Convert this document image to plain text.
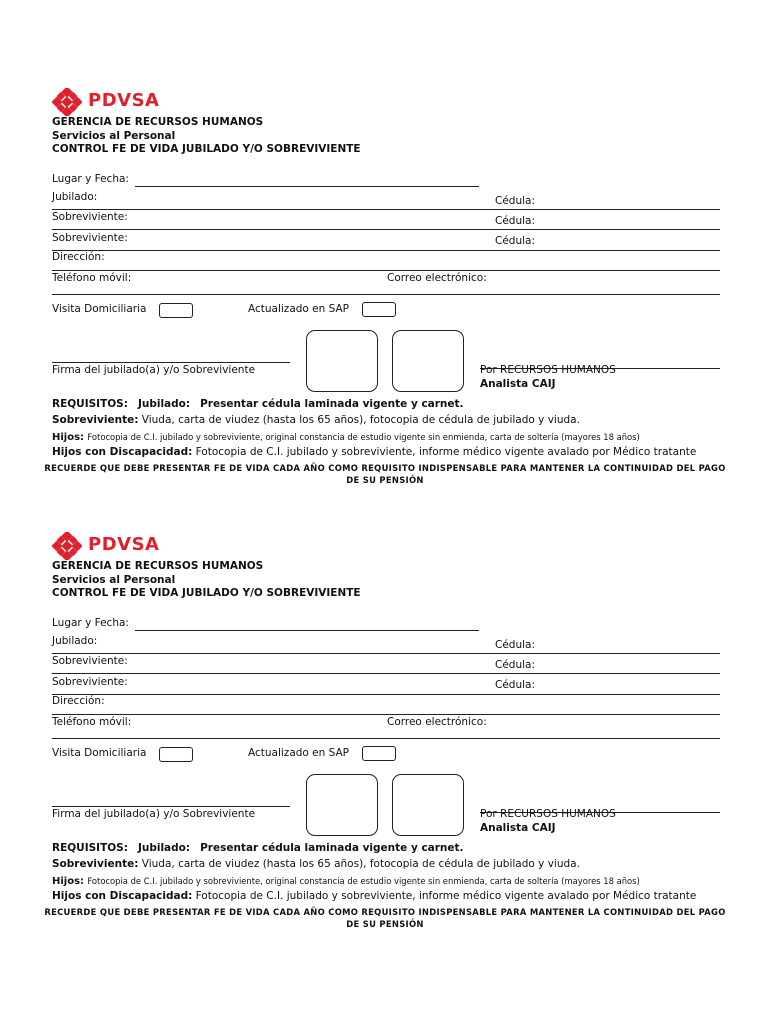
PDVSA
GERENCIA DE RECURSOS HUMANOS
Servicios al Personal
CONTROL FE DE VIDA JUBILADO Y/O SOBREVIVIENTE
Lugar y Fecha:
Jubilado:	Cédula:
Sobreviviente:	Cédula:
Sobreviviente:	Cédula:
Dirección:
Teléfono móvil:	Correo electrónico:
Visita Domiciliaria	Actualizado en SAP
Firma del jubilado(a) y/o Sobreviviente	Por RECURSOS HUMANOS
Analista CAIJ
REQUISITOS: Jubilado: Presentar cédula laminada vigente y carnet.
Sobreviviente: Viuda, carta de viudez (hasta los 65 años), fotocopia de cédula de jubilado y viuda.
Hijos: Fotocopia de C.I. jubilado y sobreviviente, original constancia de estudio vigente sin enmienda, carta de soltería (mayores 18 años)
Hijos con Discapacidad: Fotocopia de C.I. jubilado y sobreviviente, informe médico vigente avalado por Médico tratante
RECUERDE QUE DEBE PRESENTAR FE DE VIDA CADA AÑO COMO REQUISITO INDISPENSABLE PARA MANTENER LA CONTINUIDAD DEL PAGO DE SU PENSIÓN
PDVSA
GERENCIA DE RECURSOS HUMANOS
Servicios al Personal
CONTROL FE DE VIDA JUBILADO Y/O SOBREVIVIENTE
Lugar y Fecha:
Jubilado:	Cédula:
Sobreviviente:	Cédula:
Sobreviviente:	Cédula:
Dirección:
Teléfono móvil:	Correo electrónico:
Visita Domiciliaria	Actualizado en SAP
Firma del jubilado(a) y/o Sobreviviente	Por RECURSOS HUMANOS
Analista CAIJ
REQUISITOS: Jubilado: Presentar cédula laminada vigente y carnet.
Sobreviviente: Viuda, carta de viudez (hasta los 65 años), fotocopia de cédula de jubilado y viuda.
Hijos: Fotocopia de C.I. jubilado y sobreviviente, original constancia de estudio vigente sin enmienda, carta de soltería (mayores 18 años)
Hijos con Discapacidad: Fotocopia de C.I. jubilado y sobreviviente, informe médico vigente avalado por Médico tratante
RECUERDE QUE DEBE PRESENTAR FE DE VIDA CADA AÑO COMO REQUISITO INDISPENSABLE PARA MANTENER LA CONTINUIDAD DEL PAGO DE SU PENSIÓN
